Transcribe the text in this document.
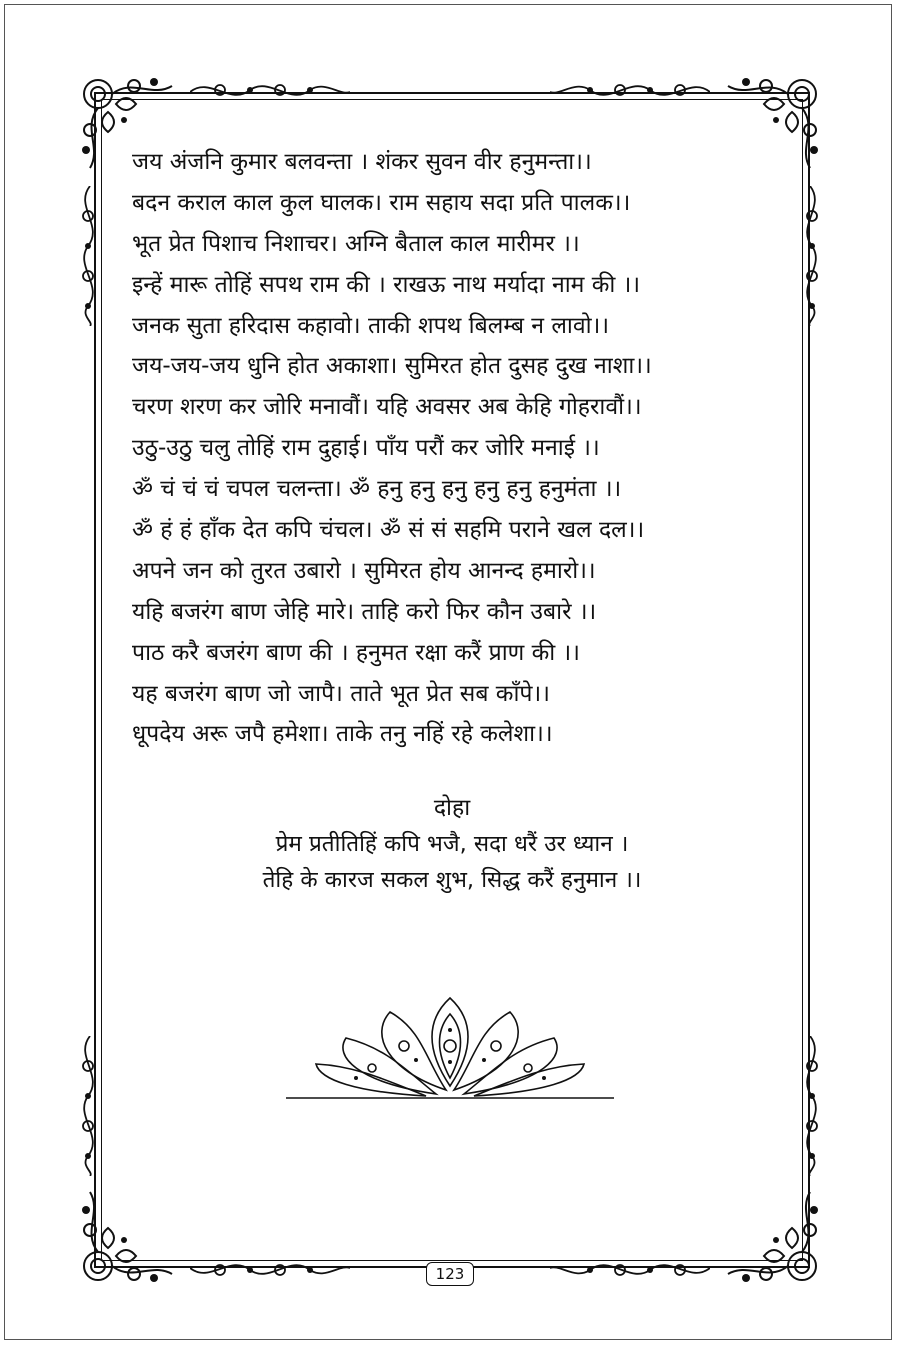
जय अंजनि कुमार बलवन्ता । शंकर सुवन वीर हनुमन्ता।।
बदन कराल काल कुल घालक। राम सहाय सदा प्रति पालक।।
भूत प्रेत पिशाच निशाचर। अग्नि बैताल काल मारीमर ।।
इन्हें मारू तोहिं सपथ राम की । राखऊ नाथ मर्यादा नाम की ।।
जनक सुता हरिदास कहावो। ताकी शपथ बिलम्ब न लावो।।
जय-जय-जय धुनि होत अकाशा। सुमिरत होत दुसह दुख नाशा।।
चरण शरण कर जोरि मनावौं। यहि अवसर अब केहि गोहरावौं।।
उठु-उठु चलु तोहिं राम दुहाई। पाँय परौं कर जोरि मनाई ।।
ॐ चं चं चं चपल चलन्ता। ॐ हनु हनु हनु हनु हनु हनुमंता ।।
ॐ हं हं हाँक देत कपि चंचल। ॐ सं सं सहमि पराने खल दल।।
अपने जन को तुरत उबारो । सुमिरत होय आनन्द हमारो।।
यहि बजरंग बाण जेहि मारे। ताहि करो फिर कौन उबारे ।।
पाठ करै बजरंग बाण की । हनुमत रक्षा करैं प्राण की ।।
यह बजरंग बाण जो जापै। ताते भूत प्रेत सब काँपे।।
धूपदेय अरू जपै हमेशा। ताके तनु नहिं रहे कलेशा।।
दोहा
प्रेम प्रतीतिहिं कपि भजै, सदा धरैं उर ध्यान ।
तेहि के कारज सकल शुभ, सिद्ध करैं हनुमान ।।
123
